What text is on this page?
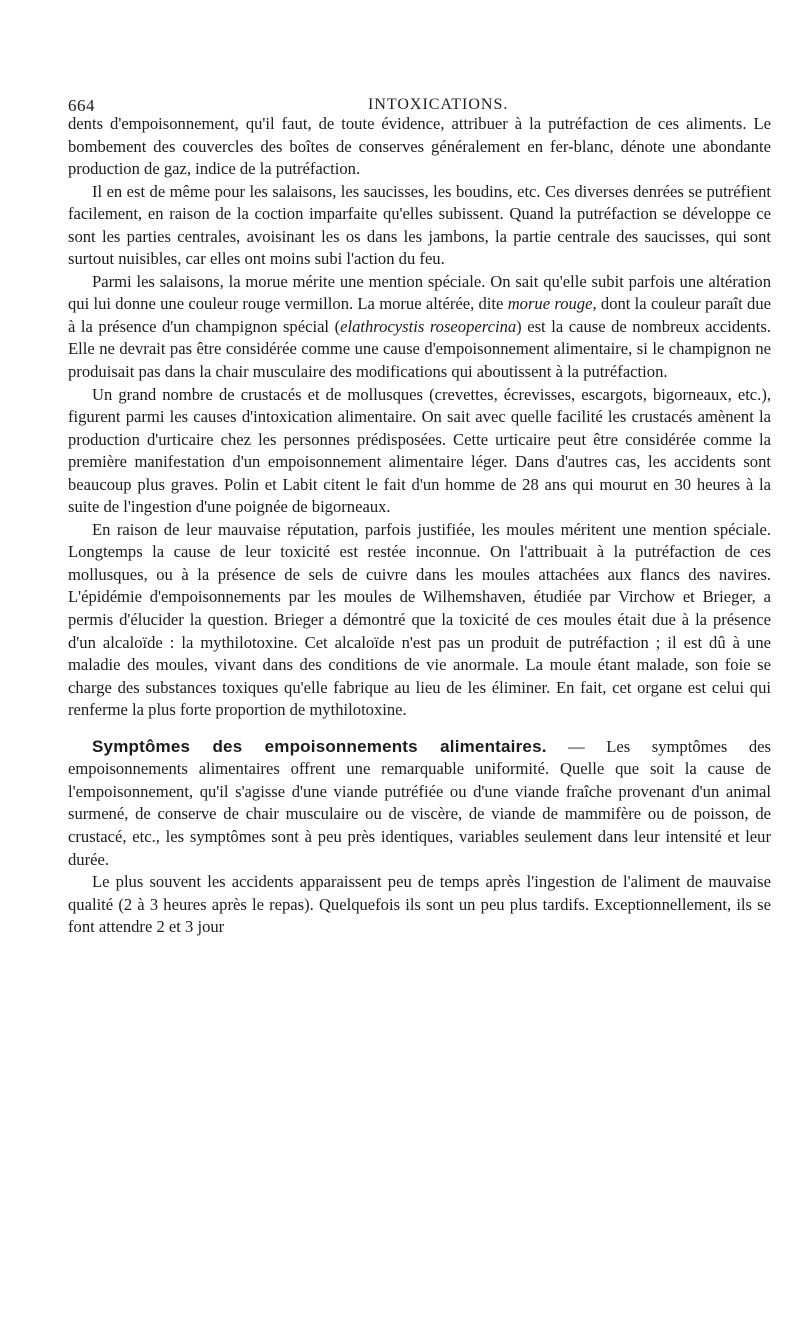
664	INTOXICATIONS.

dents d'empoisonnement, qu'il faut, de toute évidence, attribuer à la putréfaction de ces aliments. Le bombement des couvercles des boîtes de conserves généralement en fer-blanc, dénote une abondante production de gaz, indice de la putréfaction.

Il en est de même pour les salaisons, les saucisses, les boudins, etc. Ces diverses denrées se putréfient facilement, en raison de la coction imparfaite qu'elles subissent. Quand la putréfaction se développe ce sont les parties centrales, avoisinant les os dans les jambons, la partie centrale des saucisses, qui sont surtout nuisibles, car elles ont moins subi l'action du feu.

Parmi les salaisons, la morue mérite une mention spéciale. On sait qu'elle subit parfois une altération qui lui donne une couleur rouge vermillon. La morue altérée, dite morue rouge, dont la couleur paraît due à la présence d'un champignon spécial (elathrocystis roseopercina) est la cause de nombreux accidents. Elle ne devrait pas être considérée comme une cause d'empoisonnement alimentaire, si le champignon ne produisait pas dans la chair musculaire des modifications qui aboutissent à la putréfaction.

Un grand nombre de crustacés et de mollusques (crevettes, écrevisses, escargots, bigorneaux, etc.), figurent parmi les causes d'intoxication alimentaire. On sait avec quelle facilité les crustacés amènent la production d'urticaire chez les personnes prédisposées. Cette urticaire peut être considérée comme la première manifestation d'un empoisonnement alimentaire léger. Dans d'autres cas, les accidents sont beaucoup plus graves. Polin et Labit citent le fait d'un homme de 28 ans qui mourut en 30 heures à la suite de l'ingestion d'une poignée de bigorneaux.

En raison de leur mauvaise réputation, parfois justifiée, les moules méritent une mention spéciale. Longtemps la cause de leur toxicité est restée inconnue. On l'attribuait à la putréfaction de ces mollusques, ou à la présence de sels de cuivre dans les moules attachées aux flancs des navires. L'épidémie d'empoisonnements par les moules de Wilhemshaven, étudiée par Virchow et Brieger, a permis d'élucider la question. Brieger a démontré que la toxicité de ces moules était due à la présence d'un alcaloïde : la mythilotoxine. Cet alcaloïde n'est pas un produit de putréfaction ; il est dû à une maladie des moules, vivant dans des conditions de vie anormale. La moule étant malade, son foie se charge des substances toxiques qu'elle fabrique au lieu de les éliminer. En fait, cet organe est celui qui renferme la plus forte proportion de mythilotoxine.

Symptômes des empoisonnements alimentaires. — Les symptômes des empoisonnements alimentaires offrent une remarquable uniformité. Quelle que soit la cause de l'empoisonnement, qu'il s'agisse d'une viande putréfiée ou d'une viande fraîche provenant d'un animal surmené, de conserve de chair musculaire ou de viscère, de viande de mammifère ou de poisson, de crustacé, etc., les symptômes sont à peu près identiques, variables seulement dans leur intensité et leur durée.

Le plus souvent les accidents apparaissent peu de temps après l'ingestion de l'aliment de mauvaise qualité (2 à 3 heures après le repas). Quelquefois ils sont un peu plus tardifs. Exceptionnellement, ils se font attendre 2 et 3 jour
